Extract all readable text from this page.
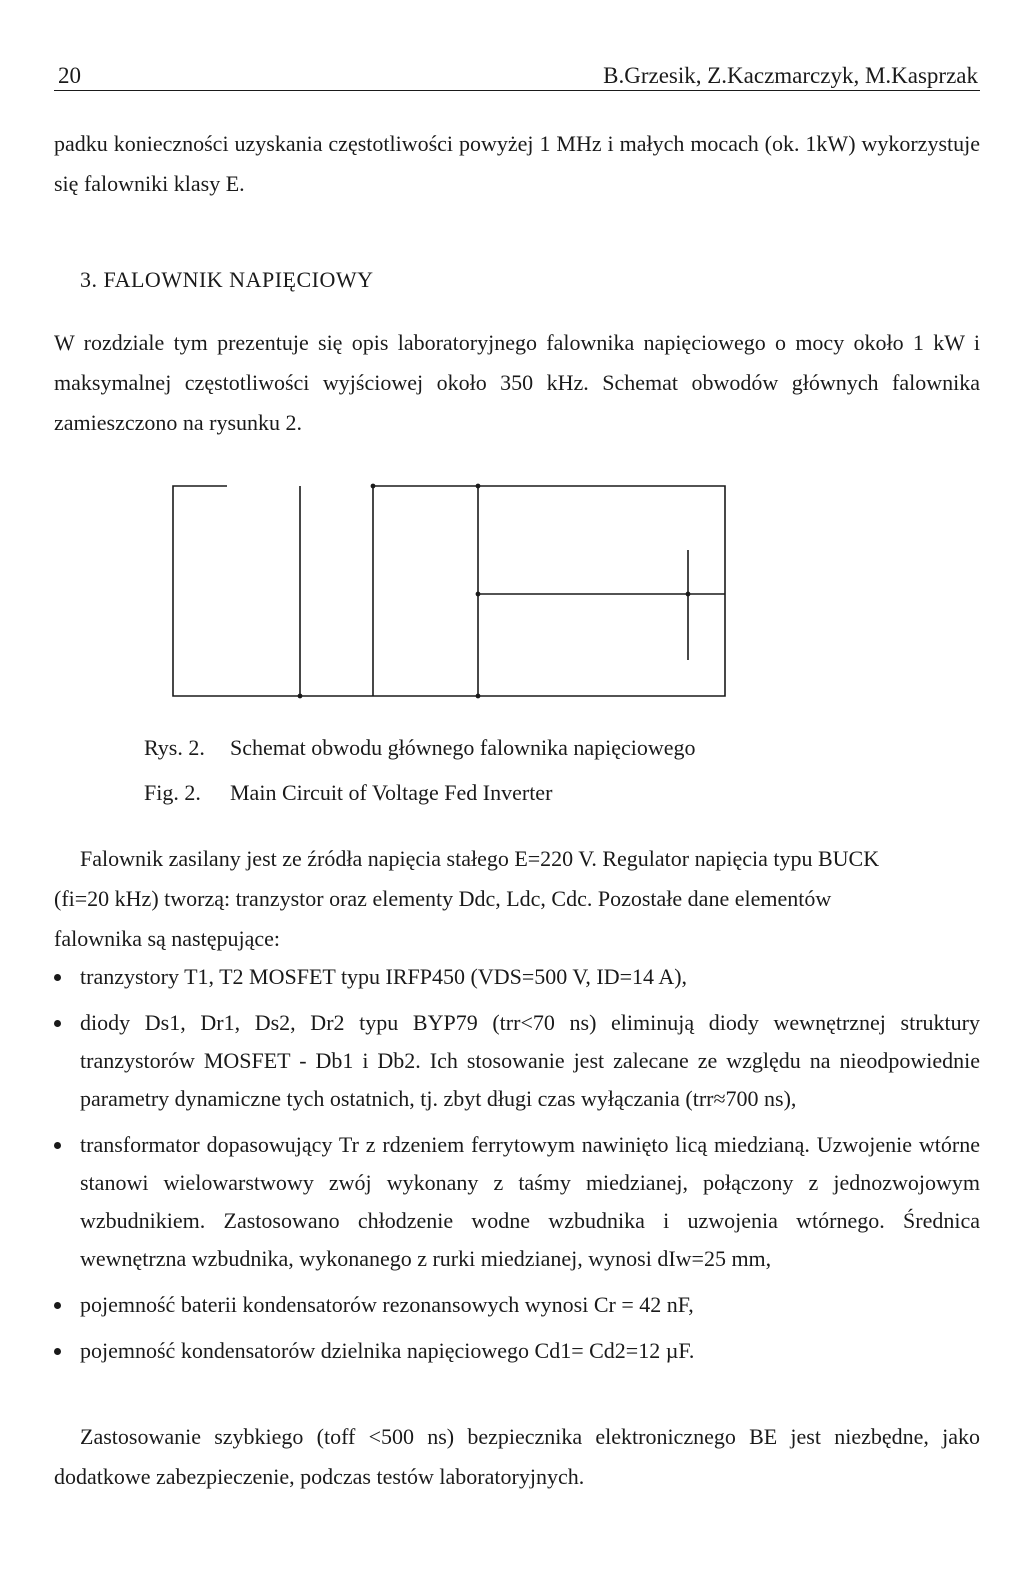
20	B.Grzesik, Z.Kaczmarczyk, M.Kasprzak
padku konieczności uzyskania częstotliwości powyżej 1 MHz i małych mocach (ok. 1kW) wykorzystuje się falowniki klasy E.
3. FALOWNIK NAPIĘCIOWY
W rozdziale tym prezentuje się opis laboratoryjnego falownika napięciowego o mocy około 1 kW i maksymalnej częstotliwości wyjściowej około 350 kHz. Schemat obwodów głównych falownika zamieszczono na rysunku 2.
Rys. 2. Schemat obwodu głównego falownika napięciowego
Fig. 2. Main Circuit of Voltage Fed Inverter
Falownik zasilany jest ze źródła napięcia stałego E=220 V. Regulator napięcia typu BUCK
(fi=20 kHz) tworzą: tranzystor oraz elementy Ddc, Ldc, Cdc. Pozostałe dane elementów
falownika są następujące:
tranzystory T1, T2 MOSFET typu IRFP450 (VDS=500 V, ID=14 A),
diody Ds1, Dr1, Ds2, Dr2 typu BYP79 (trr<70 ns) eliminują diody wewnętrznej struktury tranzystorów MOSFET - Db1 i Db2. Ich stosowanie jest zalecane ze względu na nieodpowiednie parametry dynamiczne tych ostatnich, tj. zbyt długi czas wyłączania (trr≈700 ns),
transformator dopasowujący Tr z rdzeniem ferrytowym nawinięto licą miedzianą. Uzwojenie wtórne stanowi wielowarstwowy zwój wykonany z taśmy miedzianej, połączony z jednozwojowym wzbudnikiem. Zastosowano chłodzenie wodne wzbudnika i uzwojenia wtórnego. Średnica wewnętrzna wzbudnika, wykonanego z rurki miedzianej, wynosi dIw=25 mm,
pojemność baterii kondensatorów rezonansowych wynosi Cr = 42 nF,
pojemność kondensatorów dzielnika napięciowego Cd1= Cd2=12 µF.
Zastosowanie szybkiego (toff <500 ns) bezpiecznika elektronicznego BE jest niezbędne, jako dodatkowe zabezpieczenie, podczas testów laboratoryjnych.
